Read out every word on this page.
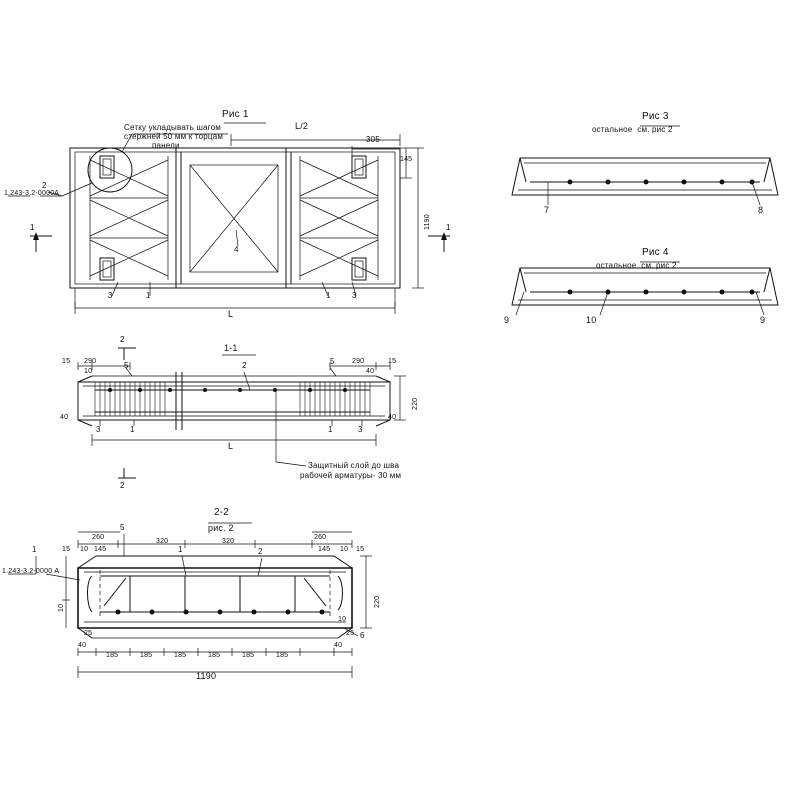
Рис 1
L/2
305
145
1190
L
Сетку укладывать шагом
стержней 50 мм к торцам
панели
2
1.243-3.2-0000А
3	1
4
1	3
1	1
1-1
2
2
15 290
10
290	15
40
5	5
2
3	1	1	3
220
40	40
L
Защитный слой до шва
рабочей арматуры- 30 мм
2-2
рис. 2
260
320	320
260
15 10 145	145 10 15
5
1	2
6
1
1.243-3.2-0000 А
220
10
25
10
25
40
185	185	185	185	185	185
40
1190
Рис 3
остальное  см. рис 2
7	8
Рис 4
остальное  см. рис 2
9	10	9
